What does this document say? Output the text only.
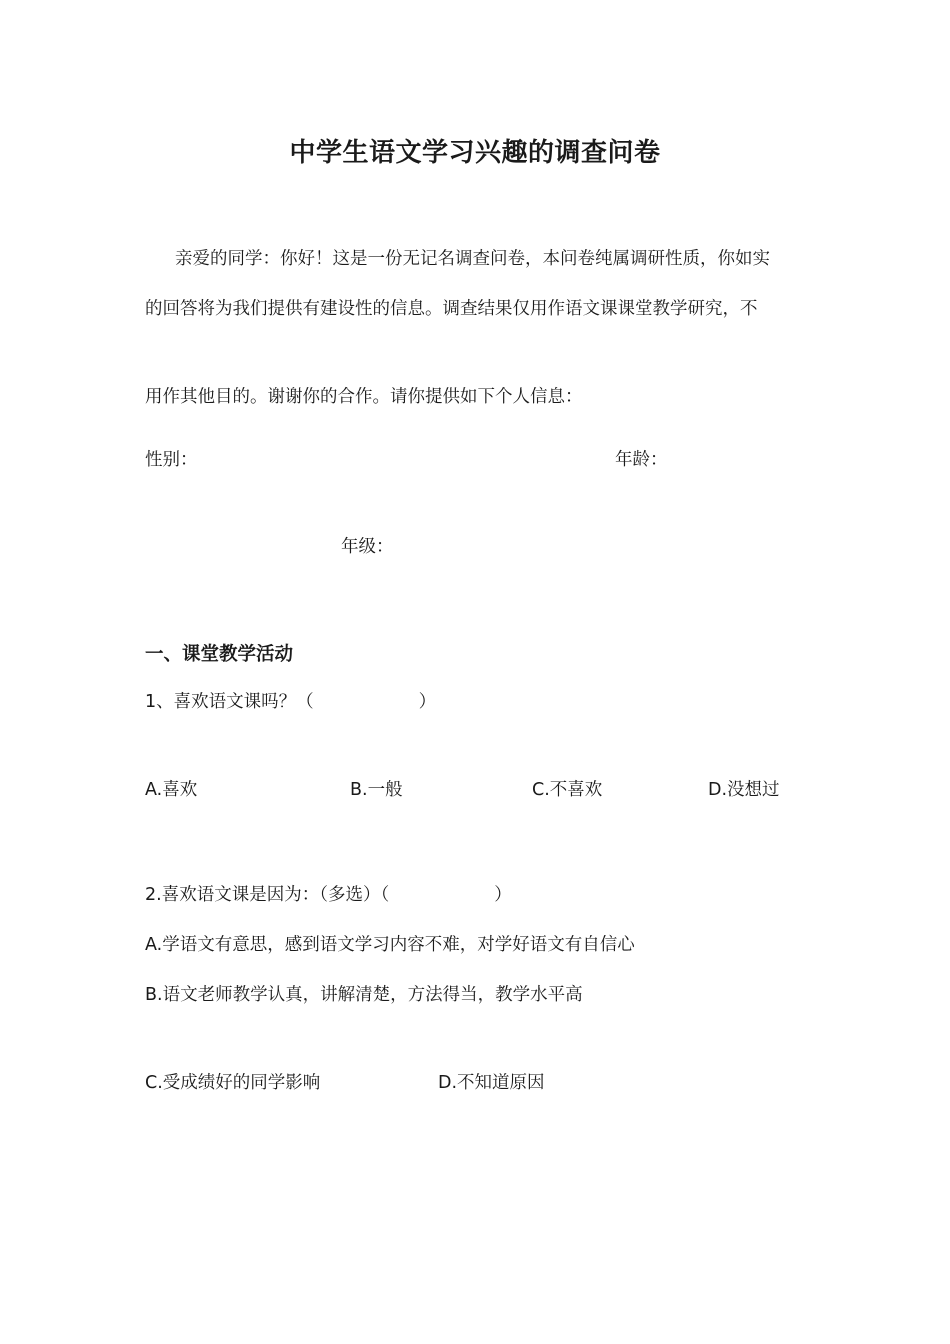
中学生语文学习兴趣的调查问卷
亲爱的同学：你好！这是一份无记名调查问卷，本问卷纯属调研性质，你如实
的回答将为我们提供有建设性的信息。调查结果仅用作语文课课堂教学研究，不
用作其他目的。谢谢你的合作。请你提供如下个人信息：
性别：	年龄：
年级：
一、课堂教学活动
1、喜欢语文课吗？（　　　　　　）
A.喜欢	B.一般	C.不喜欢	D.没想过
2.喜欢语文课是因为：（多选）（　　　　　　）
A.学语文有意思，感到语文学习内容不难，对学好语文有自信心
B.语文老师教学认真，讲解清楚，方法得当，教学水平高
C.受成绩好的同学影响	D.不知道原因
